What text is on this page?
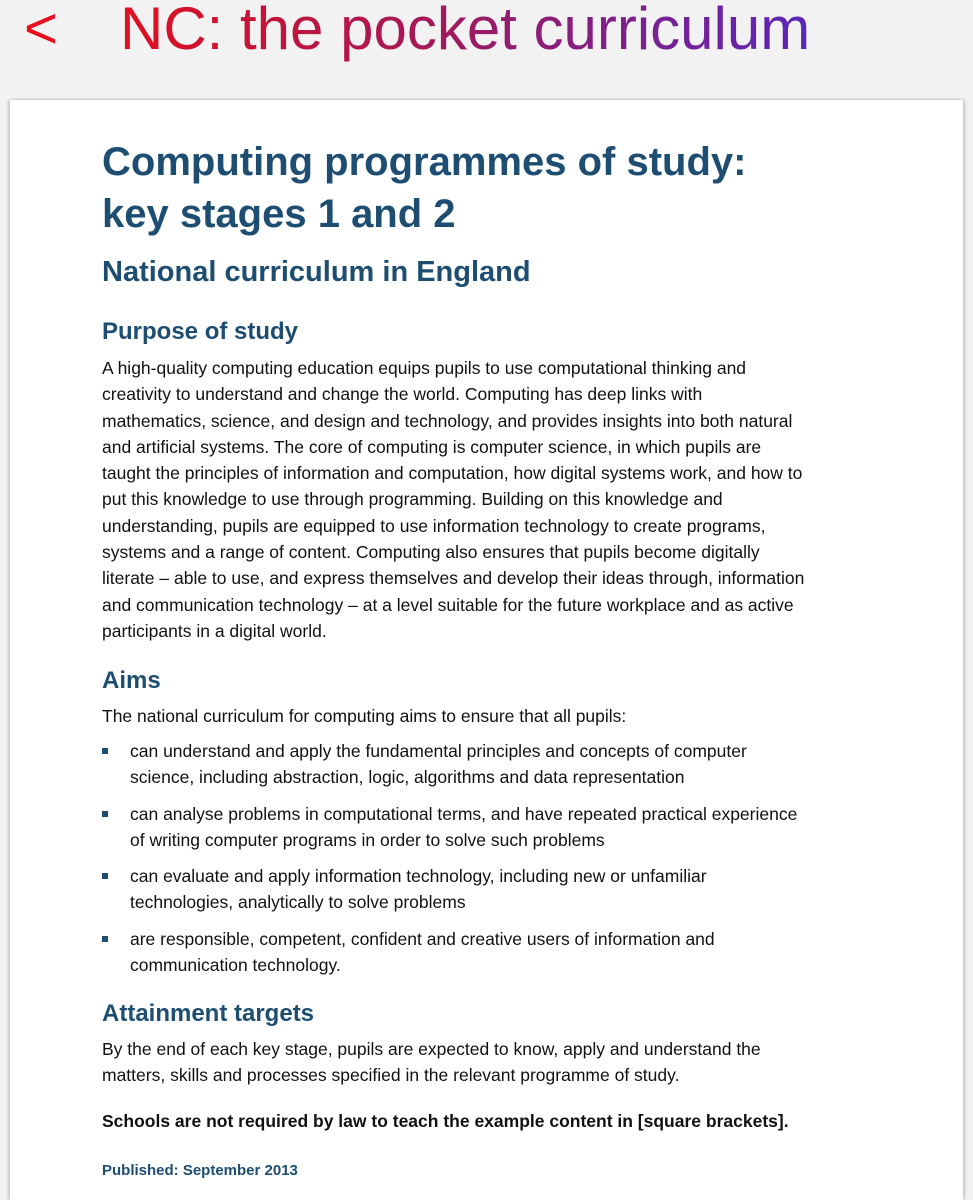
< NC: the pocket curriculum
Computing programmes of study:
key stages 1 and 2
National curriculum in England
Purpose of study

A high-quality computing education equips pupils to use computational thinking and
creativity to understand and change the world. Computing has deep links with
mathematics, science, and design and technology, and provides insights into both natural
and artificial systems. The core of computing is computer science, in which pupils are
taught the principles of information and computation, how digital systems work, and how to
put this knowledge to use through programming. Building on this knowledge and
understanding, pupils are equipped to use information technology to create programs,
systems and a range of content. Computing also ensures that pupils become digitally
literate – able to use, and express themselves and develop their ideas through, information
and communication technology – at a level suitable for the future workplace and as active
participants in a digital world.

Aims

The national curriculum for computing aims to ensure that all pupils:

can understand and apply the fundamental principles and concepts of computer
science, including abstraction, logic, algorithms and data representation
can analyse problems in computational terms, and have repeated practical experience
of writing computer programs in order to solve such problems
can evaluate and apply information technology, including new or unfamiliar
technologies, analytically to solve problems
are responsible, competent, confident and creative users of information and
communication technology.
Attainment targets

By the end of each key stage, pupils are expected to know, apply and understand the
matters, skills and processes specified in the relevant programme of study.

Schools are not required by law to teach the example content in [square brackets].

Published: September 2013
